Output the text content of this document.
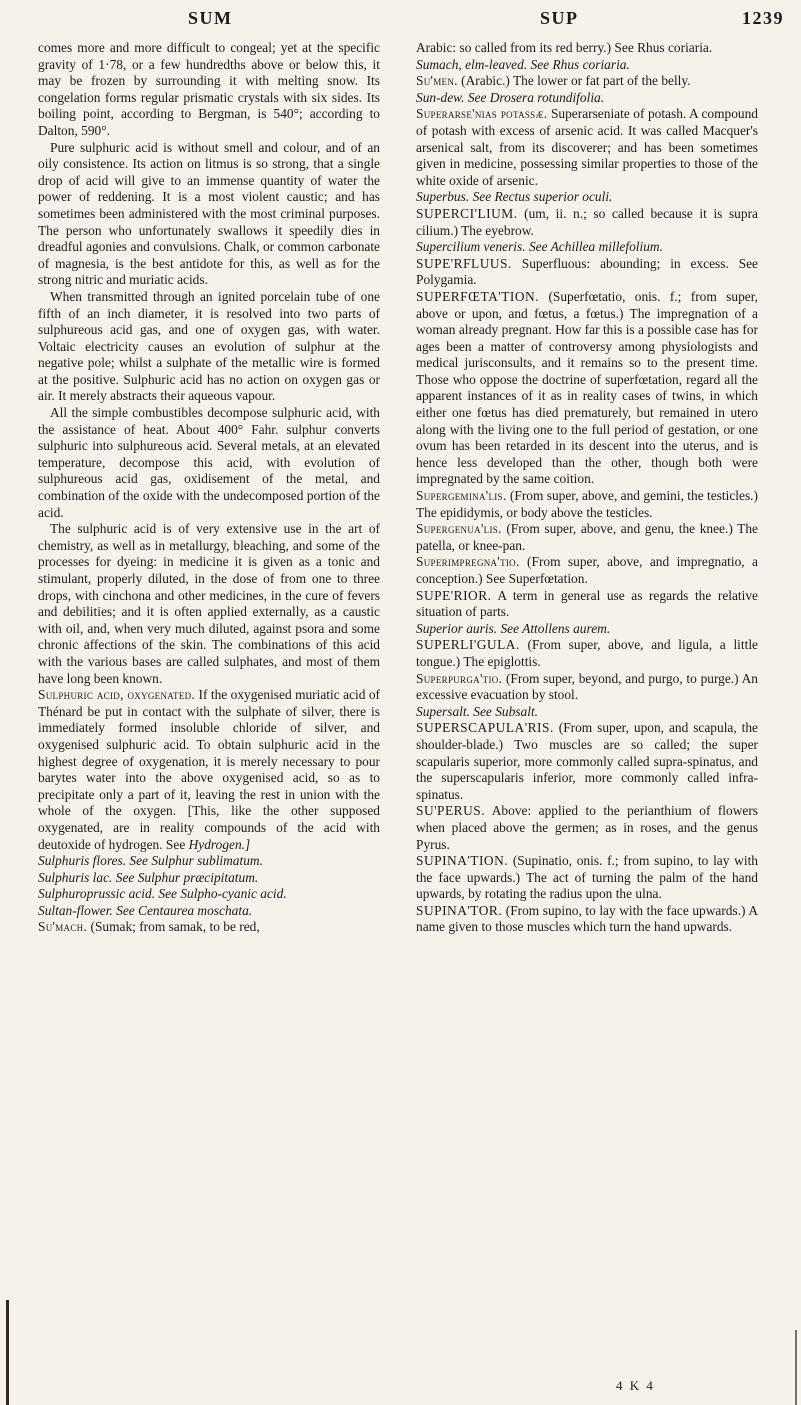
SUM	SUP	1239

comes more and more difficult to congeal; yet at the specific gravity of 1·78, or a few hundredths above or below this, it may be frozen by surrounding it with melting snow. Its congelation forms regular prismatic crystals with six sides. Its boiling point, according to Bergman, is 540°; according to Dalton, 590°.

Pure sulphuric acid is without smell and colour, and of an oily consistence. Its action on litmus is so strong, that a single drop of acid will give to an immense quantity of water the power of reddening. It is a most violent caustic; and has sometimes been administered with the most criminal purposes. The person who unfortunately swallows it speedily dies in dreadful agonies and convulsions. Chalk, or common carbonate of magnesia, is the best antidote for this, as well as for the strong nitric and muriatic acids.

When transmitted through an ignited porcelain tube of one fifth of an inch diameter, it is resolved into two parts of sulphureous acid gas, and one of oxygen gas, with water. Voltaic electricity causes an evolution of sulphur at the negative pole; whilst a sulphate of the metallic wire is formed at the positive. Sulphuric acid has no action on oxygen gas or air. It merely abstracts their aqueous vapour.

All the simple combustibles decompose sulphuric acid, with the assistance of heat. About 400° Fahr. sulphur converts sulphuric into sulphureous acid. Several metals, at an elevated temperature, decompose this acid, with evolution of sulphureous acid gas, oxidisement of the metal, and combination of the oxide with the undecomposed portion of the acid.

The sulphuric acid is of very extensive use in the art of chemistry, as well as in metallurgy, bleaching, and some of the processes for dyeing: in medicine it is given as a tonic and stimulant, properly diluted, in the dose of from one to three drops, with cinchona and other medicines, in the cure of fevers and debilities; and it is often applied externally, as a caustic with oil, and, when very much diluted, against psora and some chronic affections of the skin. The combinations of this acid with the various bases are called sulphates, and most of them have long been known.

Sulphuric acid, oxygenated. If the oxygenised muriatic acid of Thénard be put in contact with the sulphate of silver, there is immediately formed insoluble chloride of silver, and oxygenised sulphuric acid. To obtain sulphuric acid in the highest degree of oxygenation, it is merely necessary to pour barytes water into the above oxygenised acid, so as to precipitate only a part of it, leaving the rest in union with the whole of the oxygen. [This, like the other supposed oxygenated, are in reality compounds of the acid with deutoxide of hydrogen. See Hydrogen.]

Sulphuris flores. See Sulphur sublimatum.

Sulphuris lac. See Sulphur præcipitatum.

Sulphuroprussic acid. See Sulpho-cyanic acid.

Sultan-flower. See Centaurea moschata.

Su'mach. (Sumak; from samak, to be red,

Arabic: so called from its red berry.) See Rhus coriaria.

Sumach, elm-leaved. See Rhus coriaria.

Su'men. (Arabic.) The lower or fat part of the belly.

Sun-dew. See Drosera rotundifolia.

Superarse'nias potassæ. Superarseniate of potash. A compound of potash with excess of arsenic acid. It was called Macquer's arsenical salt, from its discoverer; and has been sometimes given in medicine, possessing similar properties to those of the white oxide of arsenic.

Superbus. See Rectus superior oculi.

SUPERCI'LIUM. (um, ii. n.; so called because it is supra cilium.) The eyebrow.

Supercilium veneris. See Achillea millefolium.

SUPE'RFLUUS. Superfluous: abounding; in excess. See Polygamia.

SUPERFŒTA'TION. (Superfœtatio, onis. f.; from super, above or upon, and fœtus, a fœtus.) The impregnation of a woman already pregnant. How far this is a possible case has for ages been a matter of controversy among physiologists and medical jurisconsults, and it remains so to the present time. Those who oppose the doctrine of superfœtation, regard all the apparent instances of it as in reality cases of twins, in which either one fœtus has died prematurely, but remained in utero along with the living one to the full period of gestation, or one ovum has been retarded in its descent into the uterus, and is hence less developed than the other, though both were impregnated by the same coition.

Supergemina'lis. (From super, above, and gemini, the testicles.) The epididymis, or body above the testicles.

Supergenua'lis. (From super, above, and genu, the knee.) The patella, or knee-pan.

Superimpregna'tio. (From super, above, and impregnatio, a conception.) See Superfœtation.

SUPE'RIOR. A term in general use as regards the relative situation of parts.

Superior auris. See Attollens aurem.

SUPERLI'GULA. (From super, above, and ligula, a little tongue.) The epiglottis.

Superpurga'tio. (From super, beyond, and purgo, to purge.) An excessive evacuation by stool.

Supersalt. See Subsalt.

SUPERSCAPULA'RIS. (From super, upon, and scapula, the shoulder-blade.) Two muscles are so called; the super scapularis superior, more commonly called supra-spinatus, and the superscapularis inferior, more commonly called infra-spinatus.

SU'PERUS. Above: applied to the perianthium of flowers when placed above the germen; as in roses, and the genus Pyrus.

SUPINA'TION. (Supinatio, onis. f.; from supino, to lay with the face upwards.) The act of turning the palm of the hand upwards, by rotating the radius upon the ulna.

SUPINA'TOR. (From supino, to lay with the face upwards.) A name given to those muscles which turn the hand upwards.

4 K 4
